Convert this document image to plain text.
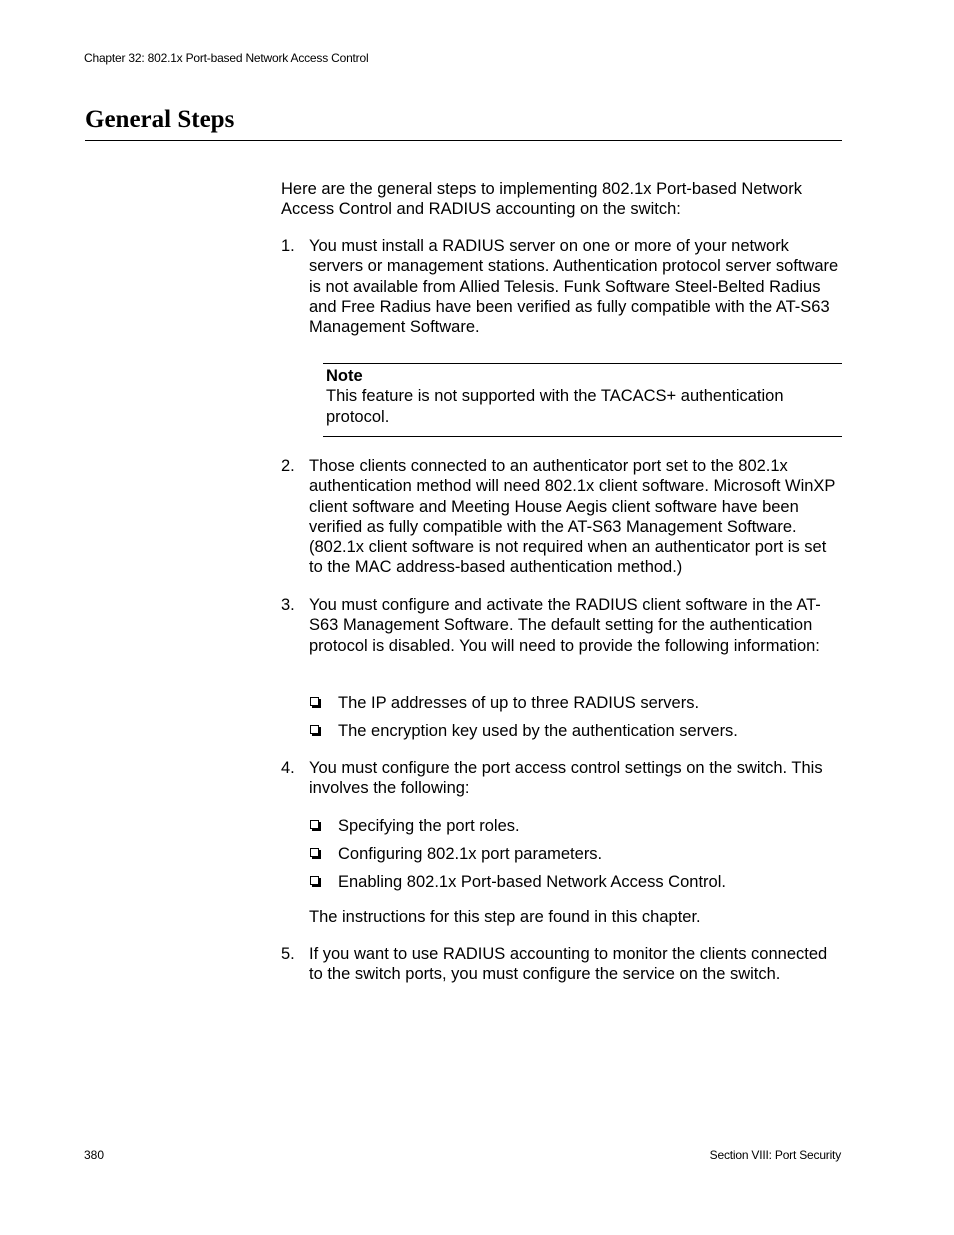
Chapter 32: 802.1x Port-based Network Access Control
General Steps
Here are the general steps to implementing 802.1x Port-based Network Access Control and RADIUS accounting on the switch:
1. You must install a RADIUS server on one or more of your network servers or management stations. Authentication protocol server software is not available from Allied Telesis. Funk Software Steel-Belted Radius and Free Radius have been verified as fully compatible with the AT-S63 Management Software.
Note
This feature is not supported with the TACACS+ authentication protocol.
2. Those clients connected to an authenticator port set to the 802.1x authentication method will need 802.1x client software. Microsoft WinXP client software and Meeting House Aegis client software have been verified as fully compatible with the AT-S63 Management Software. (802.1x client software is not required when an authenticator port is set to the MAC address-based authentication method.)
3. You must configure and activate the RADIUS client software in the AT-S63 Management Software. The default setting for the authentication protocol is disabled. You will need to provide the following information:
The IP addresses of up to three RADIUS servers.
The encryption key used by the authentication servers.
4. You must configure the port access control settings on the switch. This involves the following:
Specifying the port roles.
Configuring 802.1x port parameters.
Enabling 802.1x Port-based Network Access Control.
The instructions for this step are found in this chapter.
5. If you want to use RADIUS accounting to monitor the clients connected to the switch ports, you must configure the service on the switch.
380	Section VIII: Port Security
